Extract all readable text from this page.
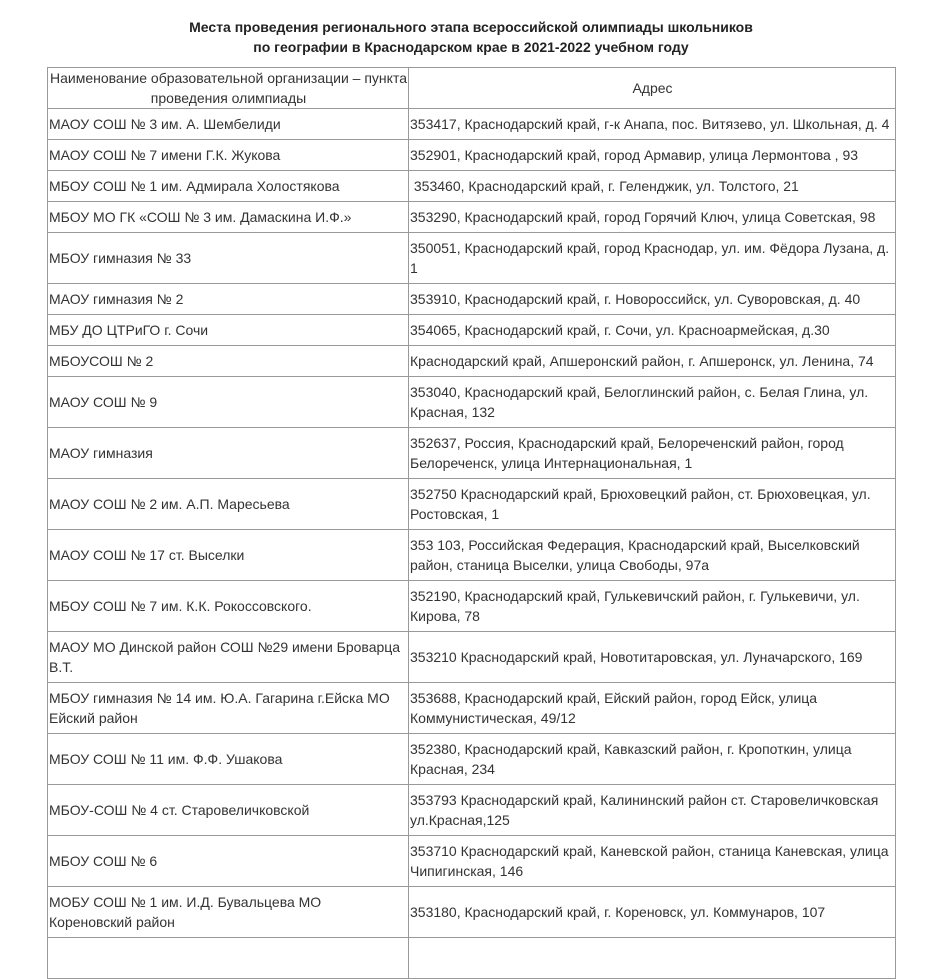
Места проведения регионального этапа всероссийской олимпиады школьников
по географии в Краснодарском крае в 2021-2022 учебном году
Наименование образовательной организации – пункта проведения олимпиады	Адрес
МАОУ СОШ № 3 им. А. Шембелиди	353417, Краснодарский край, г-к Анапа, пос. Витязево, ул. Школьная, д. 4
МАОУ СОШ № 7 имени Г.К. Жукова	352901, Краснодарский край, город Армавир, улица Лермонтова , 93
МБОУ СОШ № 1 им. Адмирала Холостякова	353460, Краснодарский край, г. Геленджик, ул. Толстого, 21
МБОУ МО ГК «СОШ № 3 им. Дамаскина И.Ф.»	353290, Краснодарский край, город Горячий Ключ, улица Советская, 98
МБОУ гимназия № 33	350051, Краснодарский край, город Краснодар, ул. им. Фёдора Лузана, д. 1
МАОУ гимназия № 2	353910, Краснодарский край, г. Новороссийск, ул. Суворовская, д. 40
МБУ ДО ЦТРиГО г. Сочи	354065, Краснодарский край, г. Сочи, ул. Красноармейская, д.30
МБОУСОШ № 2	Краснодарский край, Апшеронский район, г. Апшеронск, ул. Ленина, 74
МАОУ СОШ № 9	353040, Краснодарский край, Белоглинский район, с. Белая Глина, ул. Красная, 132
МАОУ гимназия	352637, Россия, Краснодарский край, Белореченский район, город Белореченск, улица Интернациональная, 1
МАОУ СОШ № 2 им. А.П. Маресьева	352750 Краснодарский край, Брюховецкий район, ст. Брюховецкая, ул. Ростовская, 1
МАОУ СОШ № 17 ст. Выселки	353 103, Российская Федерация, Краснодарский край, Выселковский район, станица Выселки, улица Свободы, 97а
МБОУ СОШ № 7 им. К.К. Рокоссовского.	352190, Краснодарский край, Гулькевичский район, г. Гулькевичи, ул. Кирова, 78
МАОУ МО Динской район СОШ №29 имени Броварца В.Т.	353210 Краснодарский край, Новотитаровская, ул. Луначарского, 169
МБОУ гимназия № 14 им. Ю.А. Гагарина г.Ейска МО Ейский район	353688, Краснодарский край, Ейский район, город Ейск, улица Коммунистическая, 49/12
МБОУ СОШ № 11 им. Ф.Ф. Ушакова	352380, Краснодарский край, Кавказский район, г. Кропоткин, улица Красная, 234
МБОУ-СОШ № 4 ст. Старовеличковской	353793 Краснодарский край, Калининский район ст. Старовеличковская ул.Красная,125
МБОУ СОШ № 6	353710 Краснодарский край, Каневской район, станица Каневская, улица Чипигинская, 146
МОБУ СОШ № 1 им. И.Д. Бувальцева МО Кореновский район	353180, Краснодарский край, г. Кореновск, ул. Коммунаров, 107
